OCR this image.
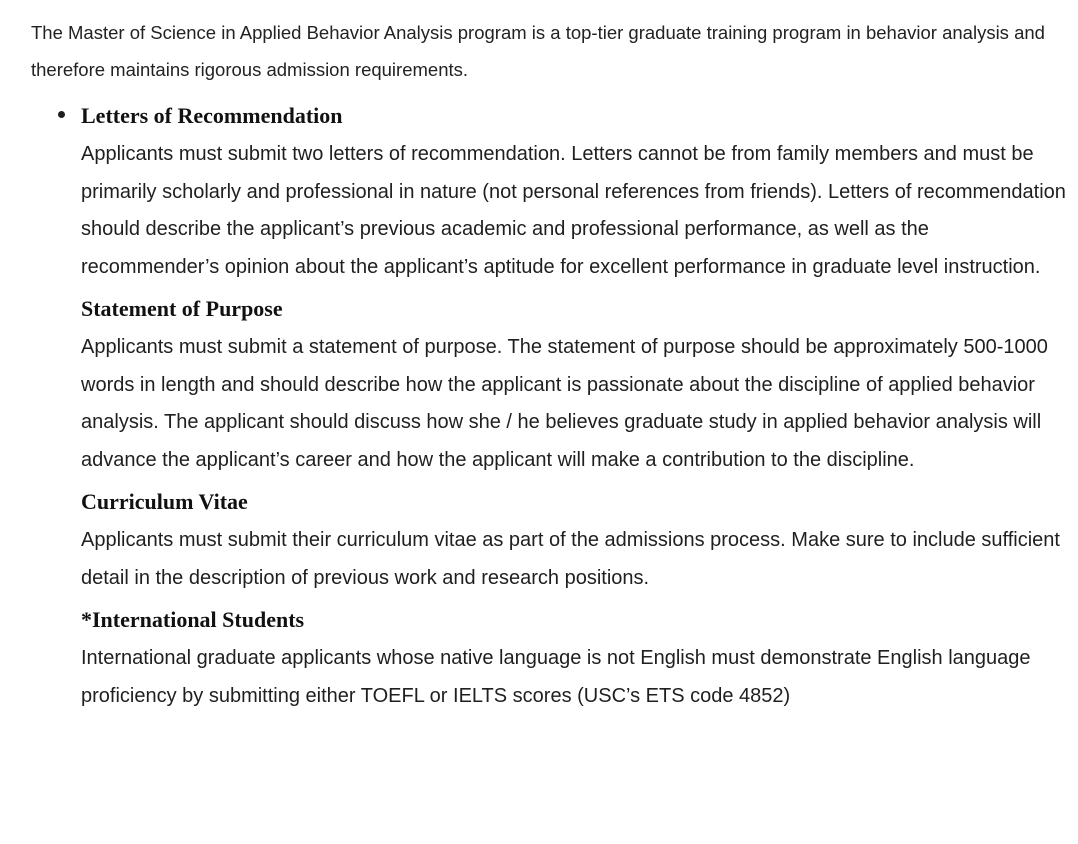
The Master of Science in Applied Behavior Analysis program is a top-tier graduate training program in behavior analysis and therefore maintains rigorous admission requirements.

Letters of Recommendation

Applicants must submit two letters of recommendation. Letters cannot be from family members and must be primarily scholarly and professional in nature (not personal references from friends). Letters of recommendation should describe the applicant’s previous academic and professional performance, as well as the recommender’s opinion about the applicant’s aptitude for excellent performance in graduate level instruction.

Statement of Purpose

Applicants must submit a statement of purpose. The statement of purpose should be approximately 500-1000 words in length and should describe how the applicant is passionate about the discipline of applied behavior analysis. The applicant should discuss how she / he believes graduate study in applied behavior analysis will advance the applicant’s career and how the applicant will make a contribution to the discipline.

Curriculum Vitae

Applicants must submit their curriculum vitae as part of the admissions process. Make sure to include sufficient detail in the description of previous work and research positions.

*International Students

International graduate applicants whose native language is not English must demonstrate English language proficiency by submitting either TOEFL or IELTS scores (USC’s ETS code 4852)
